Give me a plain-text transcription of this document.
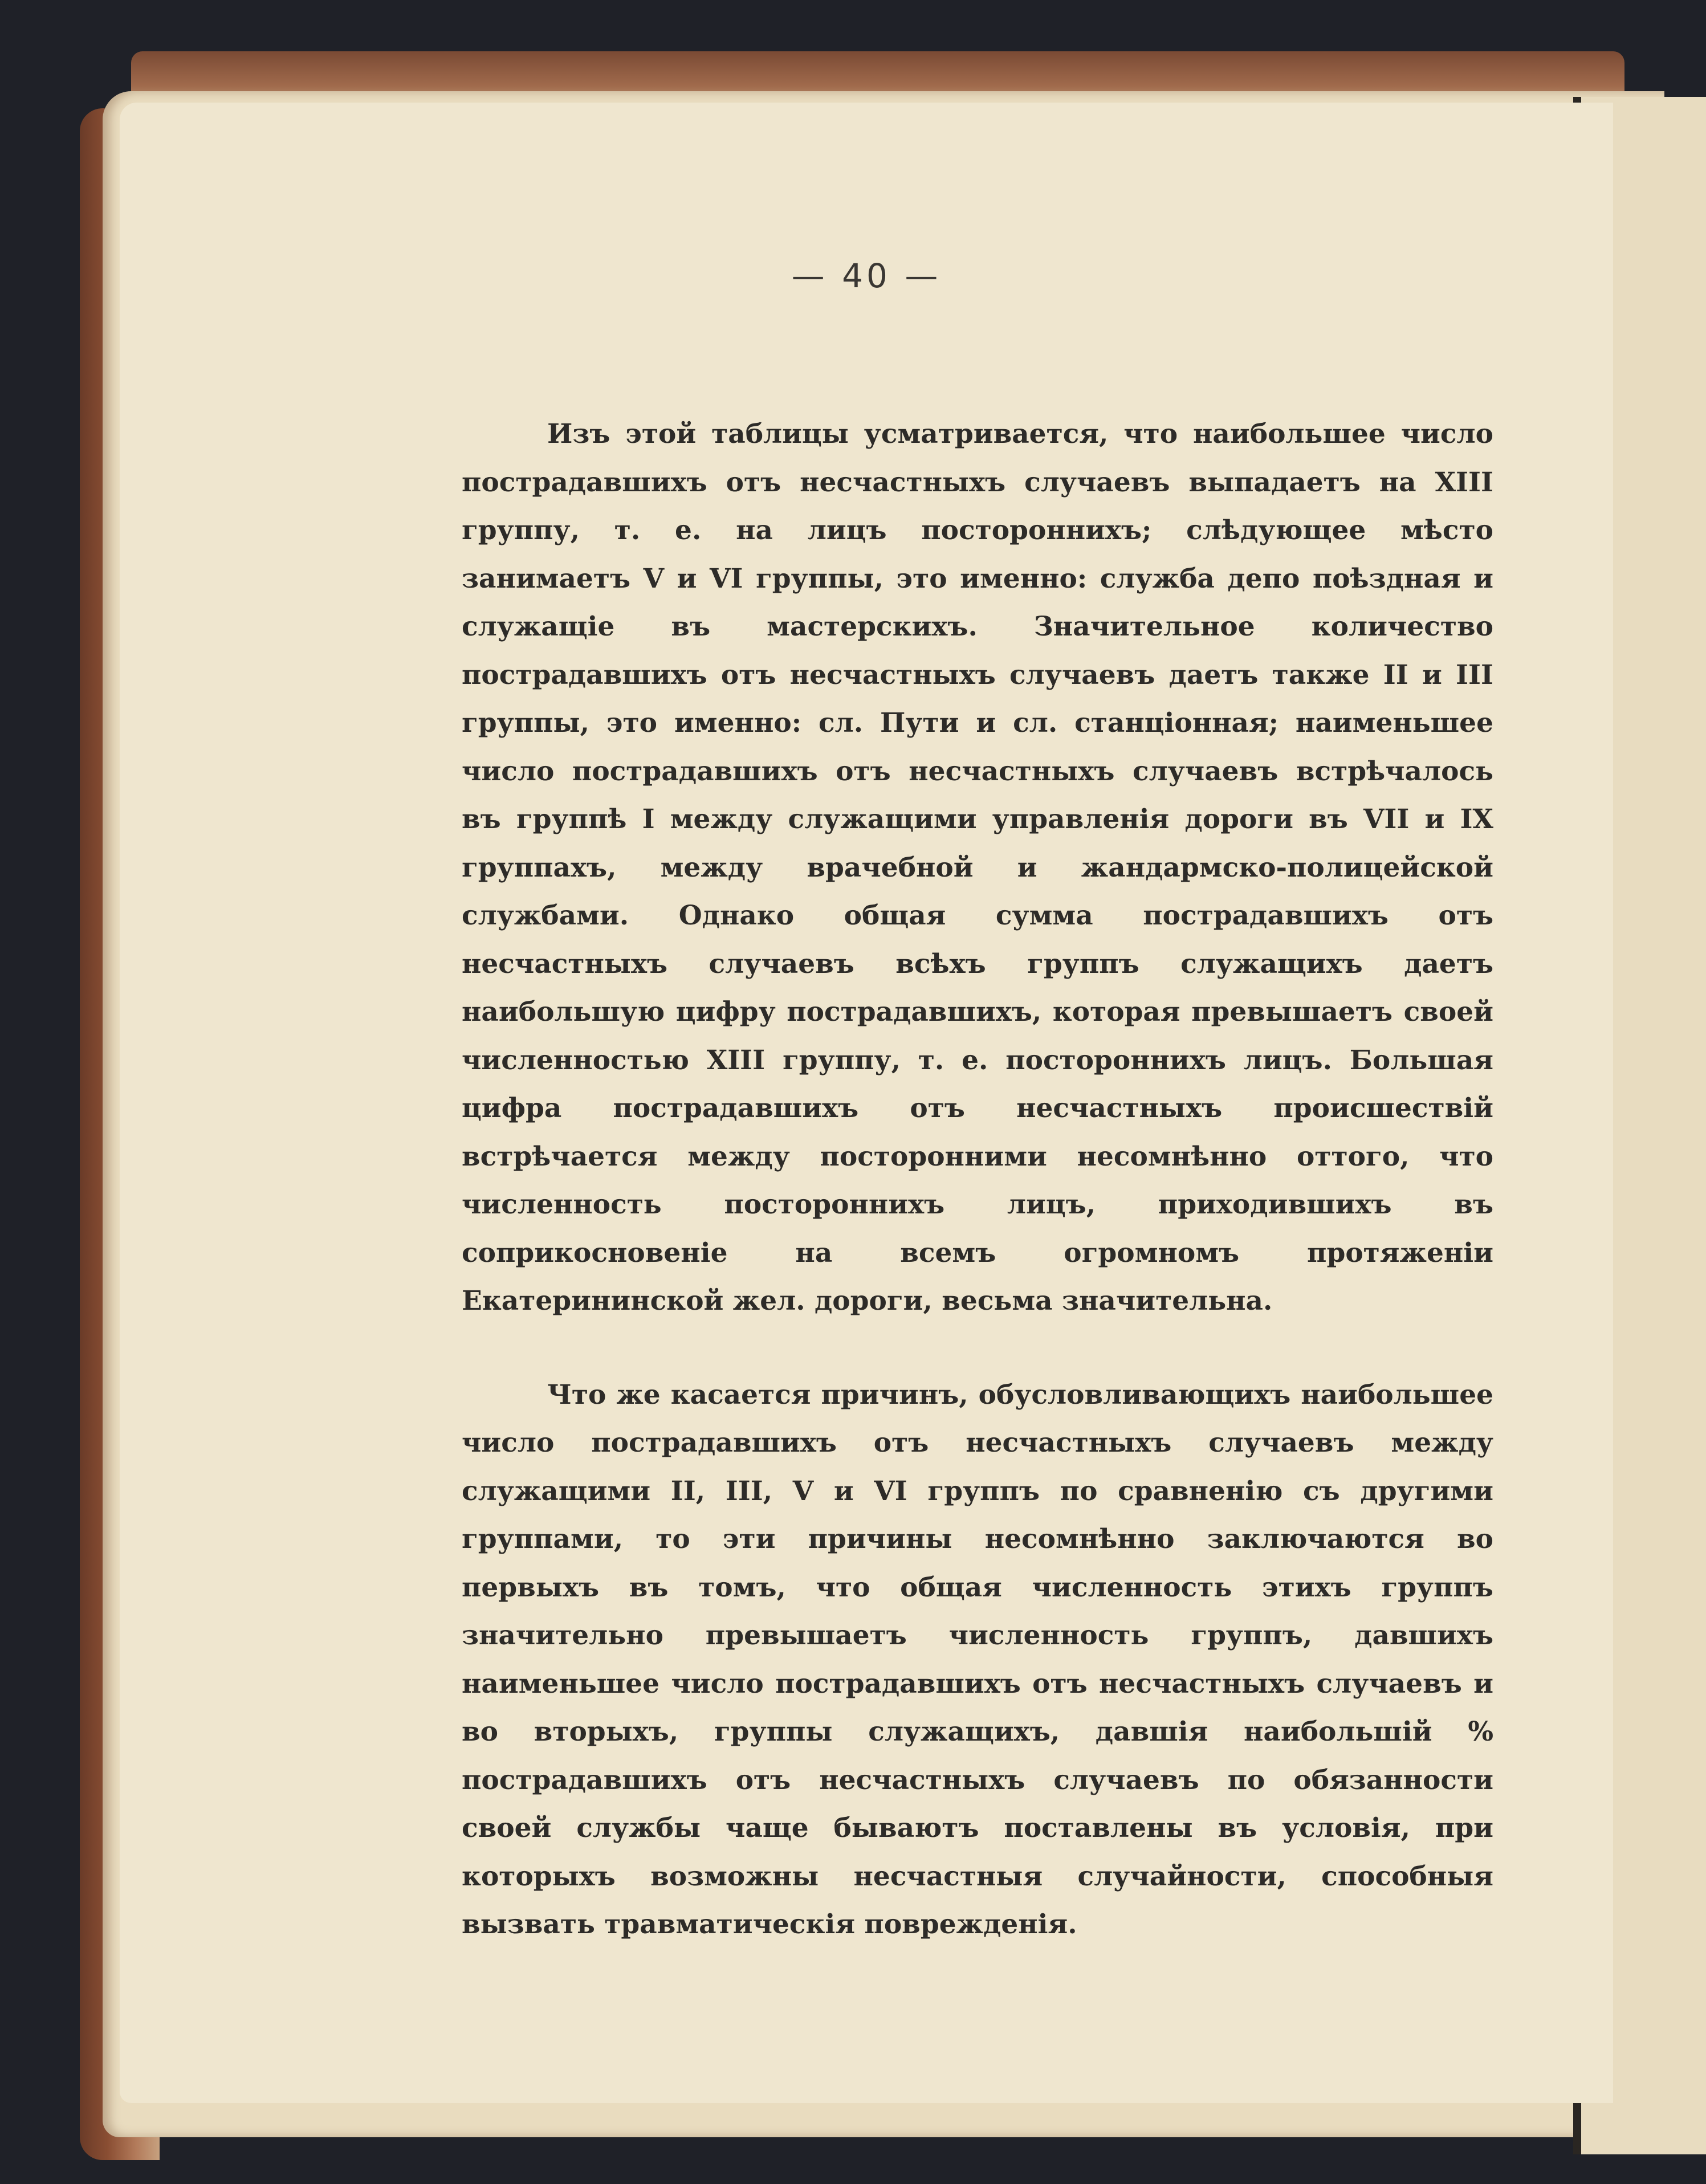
— 40 —

Изъ этой таблицы усматривается, что наибольшее число пострадавшихъ отъ несчастныхъ случаевъ выпадаетъ на XIII группу, т. е. на лицъ постороннихъ; слѣдующее мѣсто занимаетъ V и VI группы, это именно: служба депо поѣздная и служащіе въ мастерскихъ. Значительное количество пострадавшихъ отъ несчастныхъ случаевъ даетъ также II и III группы, это именно: сл. Пути и сл. станціонная; наименьшее число пострадавшихъ отъ несчастныхъ случаевъ встрѣчалось въ группѣ I между служащими управленія дороги въ VII и IX группахъ, между врачебной и жандармско-полицейской службами. Однако общая сумма пострадавшихъ отъ несчастныхъ случаевъ всѣхъ группъ служащихъ даетъ наибольшую цифру пострадавшихъ, которая превышаетъ своей численностью XIII группу, т. е. постороннихъ лицъ. Большая цифра пострадавшихъ отъ несчастныхъ происшествій встрѣчается между посторонними несомнѣнно оттого, что численность постороннихъ лицъ, приходившихъ въ соприкосновеніе на всемъ огромномъ протяженіи Екатерининской жел. дороги, весьма значительна.

Что же касается причинъ, обусловливающихъ наибольшее число пострадавшихъ отъ несчастныхъ случаевъ между служащими II, III, V и VI группъ по сравненію съ другими группами, то эти причины несомнѣнно заключаются во первыхъ въ томъ, что общая численность этихъ группъ значительно превышаетъ численность группъ, давшихъ наименьшее число пострадавшихъ отъ несчастныхъ случаевъ и во вторыхъ, группы служащихъ, давшія наибольшій % пострадавшихъ отъ несчастныхъ случаевъ по обязанности своей службы чаще бываютъ поставлены въ условія, при которыхъ возможны несчастныя случайности, способныя вызвать травматическія поврежденія.
